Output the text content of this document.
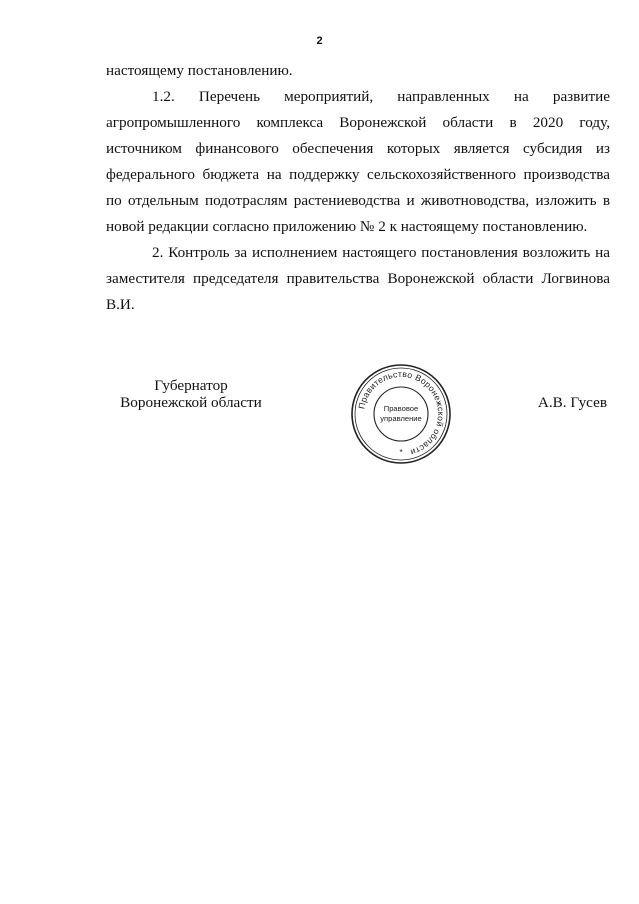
2

настоящему постановлению.

1.2. Перечень мероприятий, направленных на развитие агропромышленного комплекса Воронежской области в 2020 году, источником финансового обеспечения которых является субсидия из федерального бюджета на поддержку сельскохозяйственного производства по отдельным подотраслям растениеводства и животноводства, изложить в новой редакции согласно приложению № 2 к настоящему постановлению.

2. Контроль за исполнением настоящего постановления возложить на заместителя председателя правительства Воронежской области Логвинова В.И.

Губернатор
Воронежской области	Правительство Воронежской области
Правовое
управление
*
А.В. Гусев
